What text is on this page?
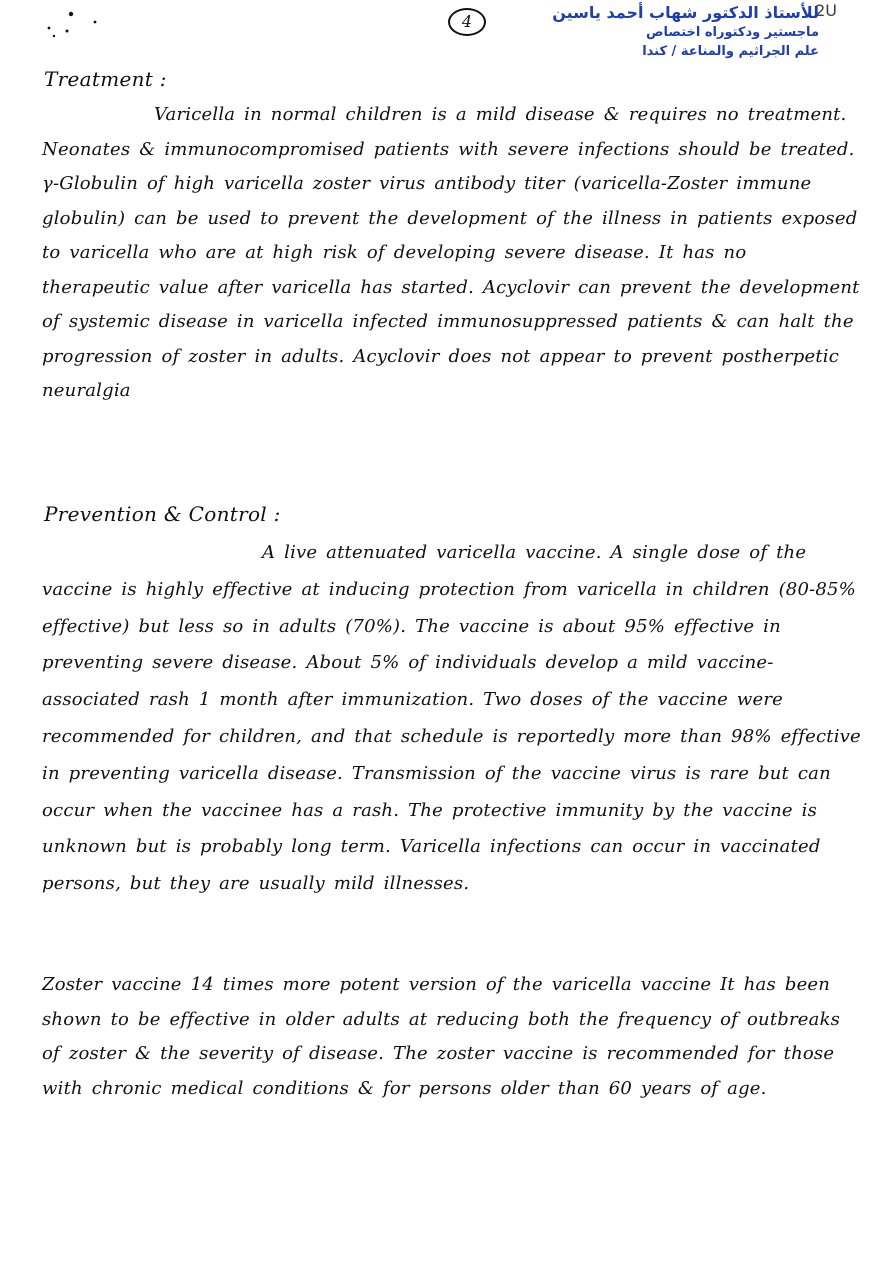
4
2U
للأستاذ الدكتور شهاب أحمد ياسين
ماجستير ودكتوراه اختصاص
علم الجراثيم والمناعة / كندا
Treatment :
Varicella in normal children is a mild disease & requires no treatment. Neonates & immunocompromised patients with severe infections should be treated. γ-Globulin of high varicella zoster virus antibody titer (varicella-Zoster immune globulin) can be used to prevent the development of the illness in patients exposed to varicella who are at high risk of developing severe disease. It has no therapeutic value after varicella has started. Acyclovir can prevent the development of systemic disease in varicella infected immunosuppressed patients & can halt the progression of zoster in adults. Acyclovir does not appear to prevent postherpetic neuralgia
Prevention & Control :
A live attenuated varicella vaccine. A single dose of the vaccine is highly effective at inducing protection from varicella in children (80-85% effective) but less so in adults (70%). The vaccine is about 95% effective in preventing severe disease. About 5% of individuals develop a mild vaccine-associated rash 1 month after immunization. Two doses of the vaccine were recommended for children, and that schedule is reportedly more than 98% effective in preventing varicella disease. Transmission of the vaccine virus is rare but can occur when the vaccinee has a rash. The protective immunity by the vaccine is unknown but is probably long term. Varicella infections can occur in vaccinated persons, but they are usually mild illnesses.
Zoster vaccine 14 times more potent version of the varicella vaccine It has been shown to be effective in older adults at reducing both the frequency of outbreaks of zoster & the severity of disease. The zoster vaccine is recommended for those with chronic medical conditions & for persons older than 60 years of age.
